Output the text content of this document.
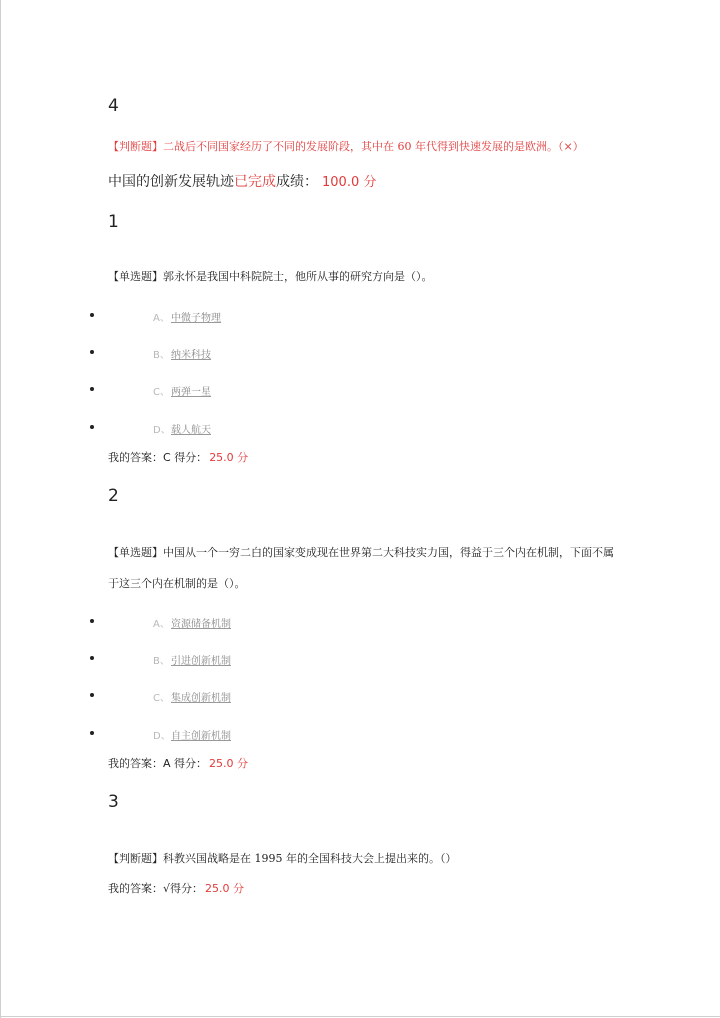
4
【判断题】二战后不同国家经历了不同的发展阶段，其中在 60 年代得到快速发展的是欧洲。（×）
中国的创新发展轨迹已完成成绩： 100.0 分
1
【单选题】郭永怀是我国中科院院士，他所从事的研究方向是（）。
A、中微子物理
B、纳米科技
C、两弹一星
D、载人航天
我的答案：C 得分： 25.0 分
2
【单选题】中国从一个一穷二白的国家变成现在世界第二大科技实力国，得益于三个内在机制，下面不属
于这三个内在机制的是（）。
A、资源储备机制
B、引进创新机制
C、集成创新机制
D、自主创新机制
我的答案：A 得分： 25.0 分
3
【判断题】科教兴国战略是在 1995 年的全国科技大会上提出来的。（）
我的答案：√得分： 25.0 分
